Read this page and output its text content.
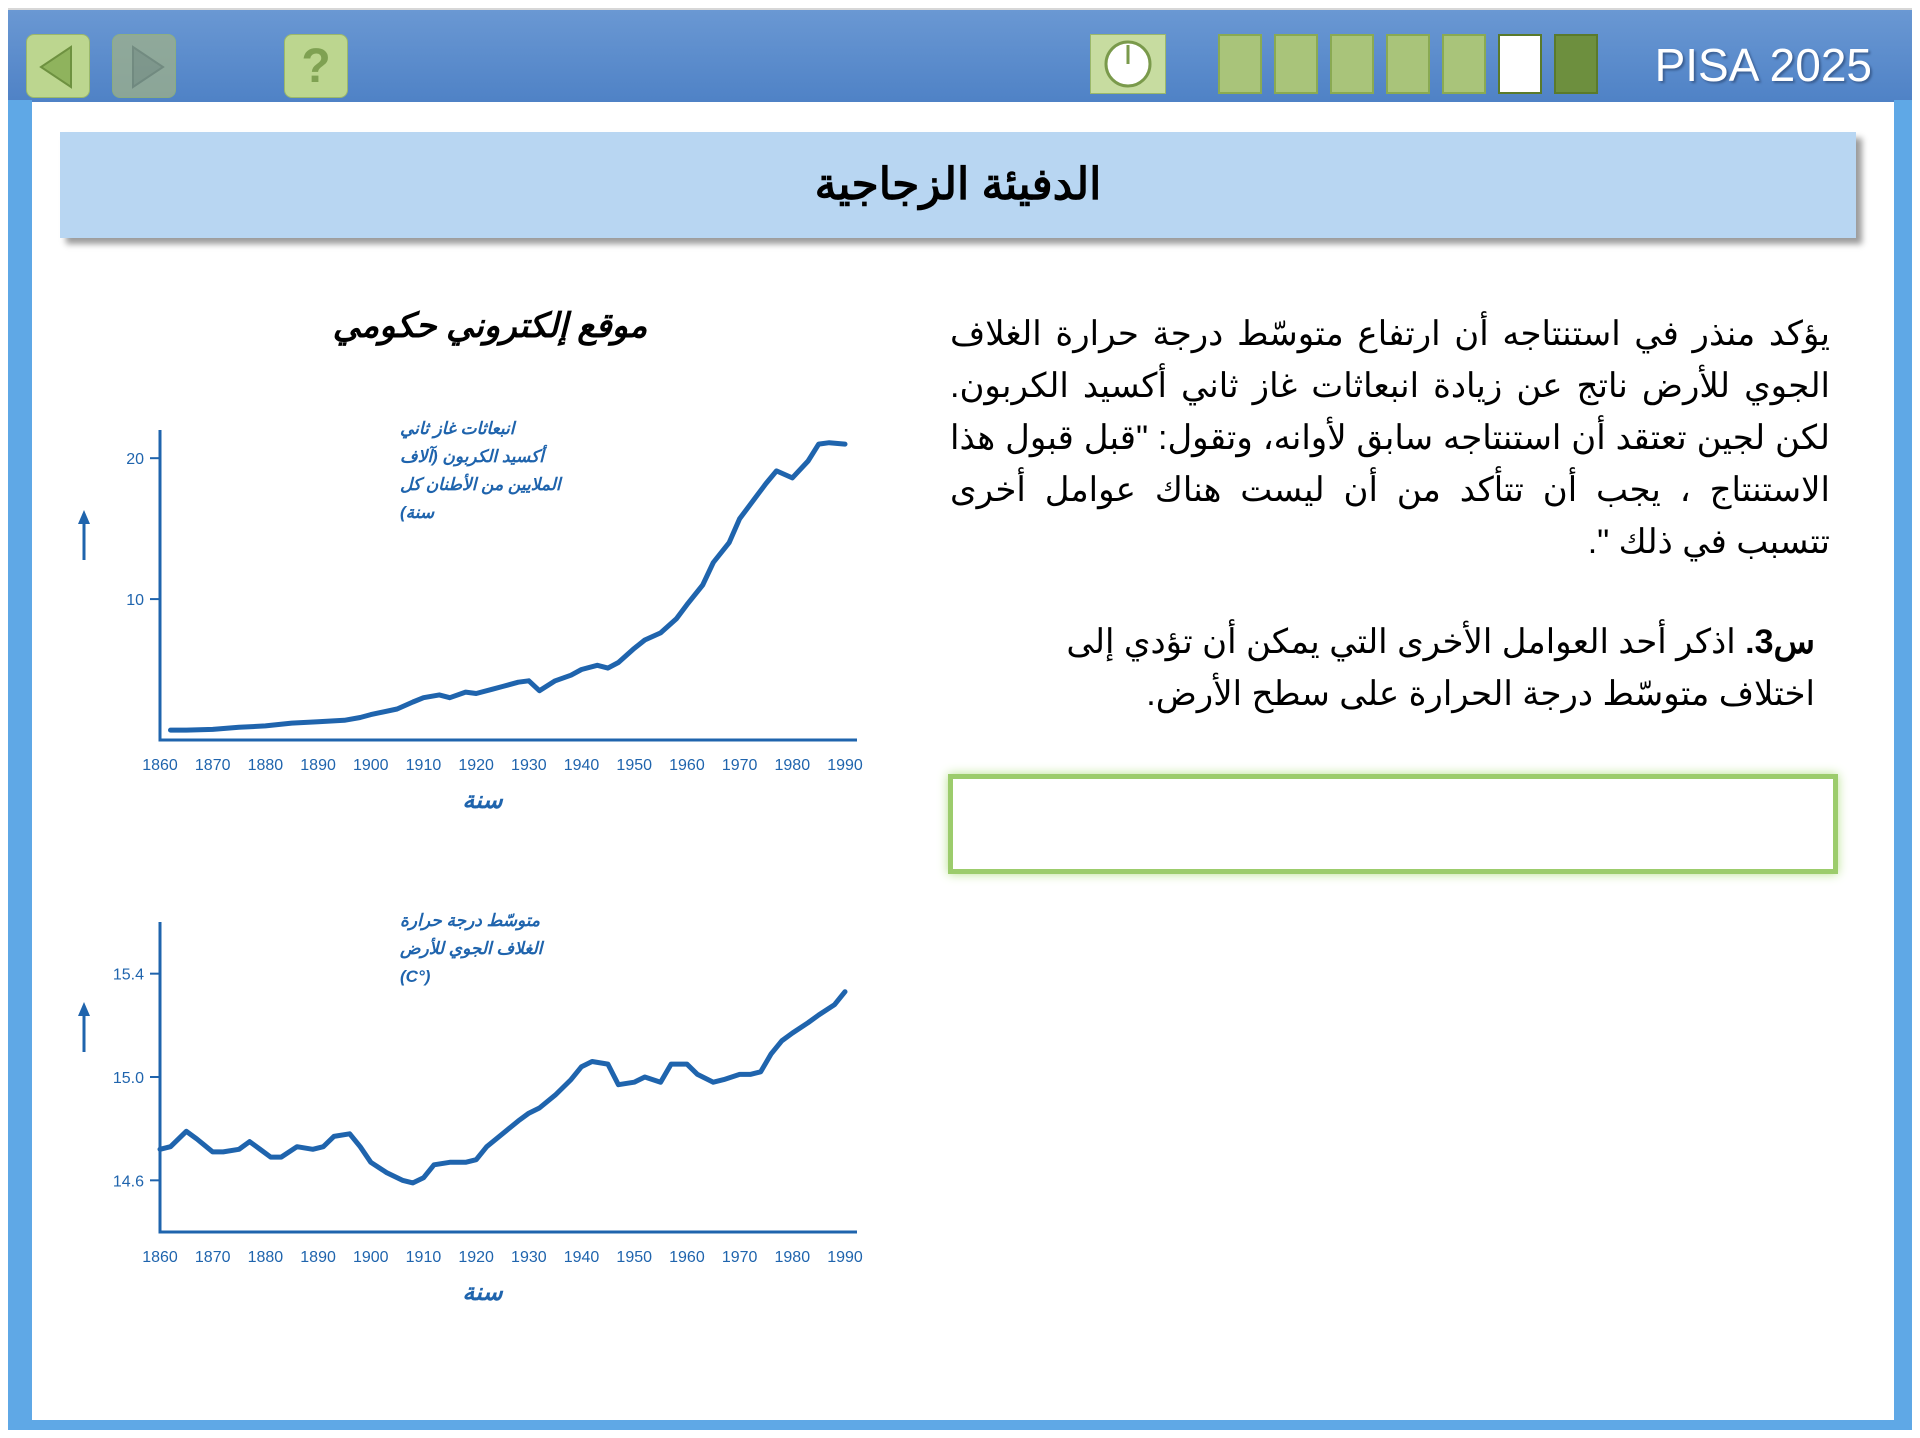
?	PISA 2025
الدفيئة الزجاجية
يؤكد منذر في استنتاجه أن ارتفاع متوسّط درجة حرارة الغلاف الجوي للأرض ناتج عن زيادة انبعاثات غاز ثاني أكسيد الكربون. لكن لجين تعتقد أن استنتاجه سابق لأوانه، وتقول: "قبل قبول هذا الاستنتاج ، يجب أن تتأكد من أن ليست هناك عوامل أخرى تتسبب في ذلك ".
س3. اذكر أحد العوامل الأخرى التي يمكن أن تؤدي إلى اختلاف متوسّط درجة الحرارة على سطح الأرض.
موقع إلكتروني حكومي
1860 1870 1880 1890 1900 1910 1920 1930 1940 1950 1960 1970 1980 1990
10
20
سنة
انبعاثات غاز ثاني أكسيد الكربون (آلاف الملايين من الأطنان كل سنة)
1860 1870 1880 1890 1900 1910 1920 1930 1940 1950 1960 1970 1980 1990
14.6
15.0
15.4
سنة
متوسّط درجة حرارة الغلاف الجوي للأرض (°C)
